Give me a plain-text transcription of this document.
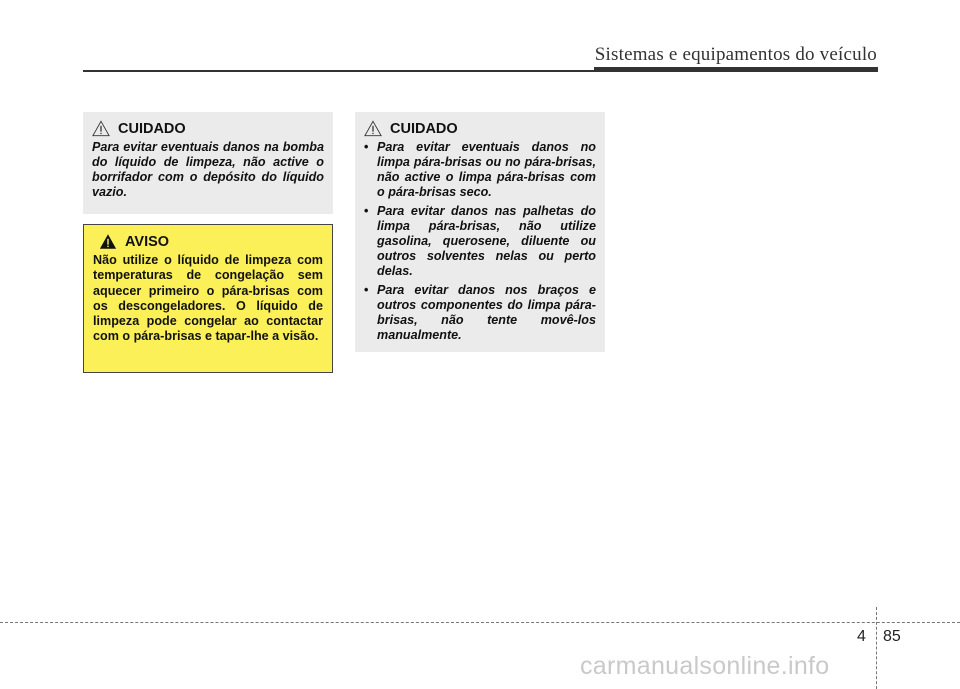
Sistemas e equipamentos do veículo
CUIDADO

Para evitar eventuais danos na bomba do líquido de limpeza, não active o borrifador com o depósito do líquido vazio.

AVISO

Não utilize o líquido de limpeza com temperaturas de congelação sem aquecer primeiro o pára-brisas com os descongeladores. O líquido de limpeza pode congelar ao contactar com o pára-brisas e tapar-lhe a visão.

CUIDADO
• Para evitar eventuais danos no limpa pára-brisas ou no pára-brisas, não active o limpa pára-brisas com o pára-brisas seco.
• Para evitar danos nas palhetas do limpa pára-brisas, não utilize gasolina, querosene, diluente ou outros solventes nelas ou perto delas.
• Para evitar danos nos braços e outros componentes do limpa pára-brisas, não tente movê-los manualmente.
4 85
carmanualsonline.info
